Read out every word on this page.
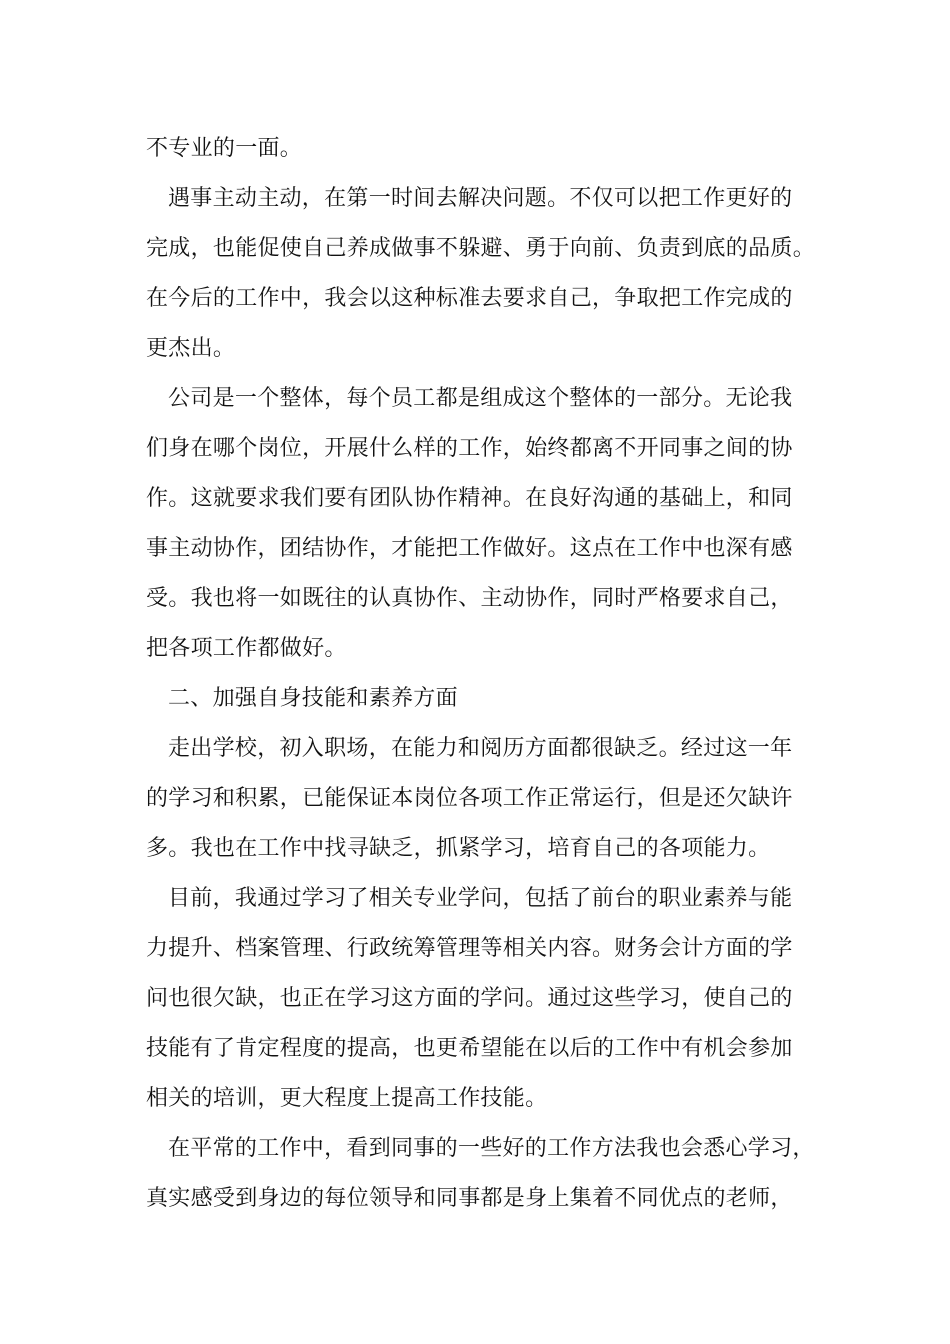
不专业的一面。
遇事主动主动，在第一时间去解决问题。不仅可以把工作更好的
完成，也能促使自己养成做事不躲避、勇于向前、负责到底的品质。
在今后的工作中，我会以这种标准去要求自己，争取把工作完成的
更杰出。
公司是一个整体，每个员工都是组成这个整体的一部分。无论我
们身在哪个岗位，开展什么样的工作，始终都离不开同事之间的协
作。这就要求我们要有团队协作精神。在良好沟通的基础上，和同
事主动协作，团结协作，才能把工作做好。这点在工作中也深有感
受。我也将一如既往的认真协作、主动协作，同时严格要求自己，
把各项工作都做好。
二、加强自身技能和素养方面
走出学校，初入职场，在能力和阅历方面都很缺乏。经过这一年
的学习和积累，已能保证本岗位各项工作正常运行，但是还欠缺许
多。我也在工作中找寻缺乏，抓紧学习，培育自己的各项能力。
目前，我通过学习了相关专业学问，包括了前台的职业素养与能
力提升、档案管理、行政统筹管理等相关内容。财务会计方面的学
问也很欠缺，也正在学习这方面的学问。通过这些学习，使自己的
技能有了肯定程度的提高，也更希望能在以后的工作中有机会参加
相关的培训，更大程度上提高工作技能。
在平常的工作中，看到同事的一些好的工作方法我也会悉心学习，
真实感受到身边的每位领导和同事都是身上集着不同优点的老师，
